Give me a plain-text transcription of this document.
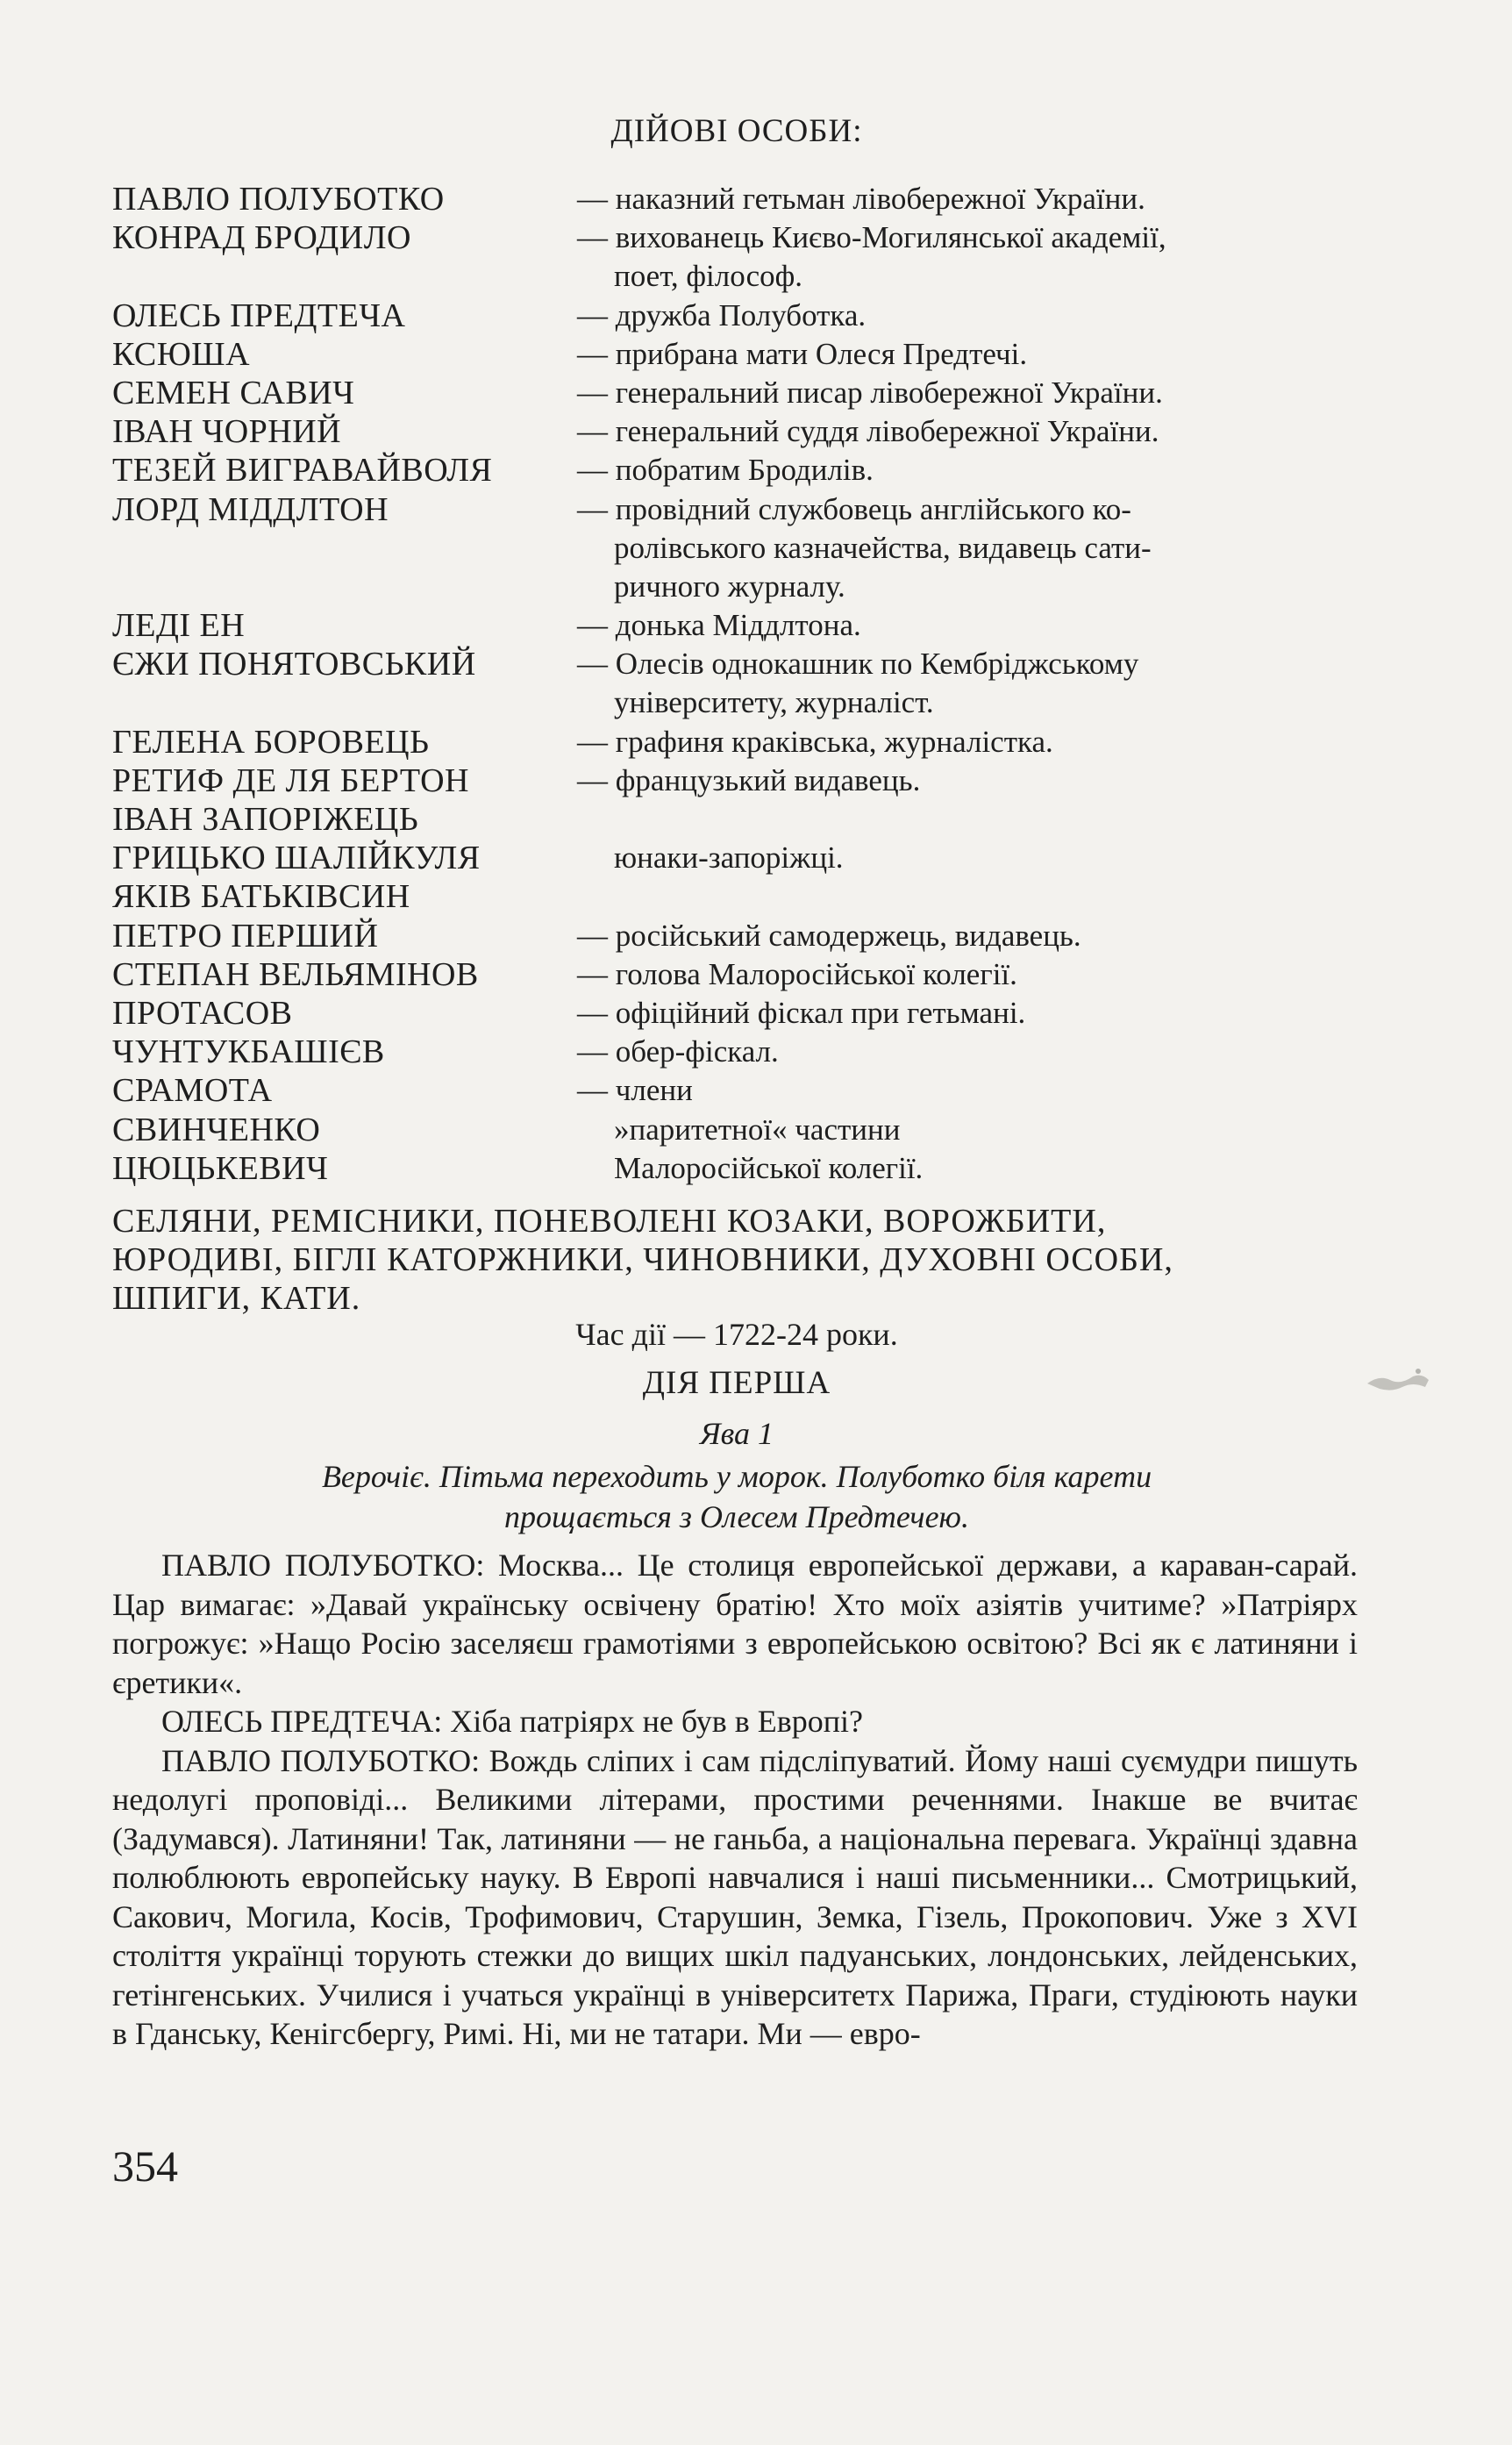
ДІЙОВІ ОСОБИ:
ПАВЛО ПОЛУБОТКО	— наказний гетьман лівобережної України.
КОНРАД БРОДИЛО	— вихованець Києво-Могилянської академії,
поет, філософ.
ОЛЕСЬ ПРЕДТЕЧА	— дружба Полуботка.
КСЮША	— прибрана мати Олеся Предтечі.
СЕМЕН САВИЧ	— генеральний писар лівобережної України.
ІВАН ЧОРНИЙ	— генеральний суддя лівобережної України.
ТЕЗЕЙ ВИГРАВАЙВОЛЯ	— побратим Бродилів.
ЛОРД МІДДЛТОН	— провідний службовець англійського ко-
ролівського казначейства, видавець сати-
ричного журналу.
ЛЕДІ ЕН	— донька Міддлтона.
ЄЖИ ПОНЯТОВСЬКИЙ	— Олесів однокашник по Кембріджському
університету, журналіст.
ГЕЛЕНА БОРОВЕЦЬ	— графиня краківська, журналістка.
РЕТИФ ДЕ ЛЯ БЕРТОН	— французький видавець.
ІВАН ЗАПОРІЖЕЦЬ
ГРИЦЬКО ШАЛІЙКУЛЯ	юнаки-запоріжці.
ЯКІВ БАТЬКІВСИН
ПЕТРО ПЕРШИЙ	— російський самодержець, видавець.
СТЕПАН ВЕЛЬЯМІНОВ	— голова Малоросійської колегії.
ПРОТАСОВ	— офіційний фіскал при гетьмані.
ЧУНТУКБАШІЄВ	— обер-фіскал.
СРАМОТА	— члени
СВИНЧЕНКО	»паритетної« частини
ЦЮЦЬКЕВИЧ	Малоросійської колегії.
СЕЛЯНИ, РЕМІСНИКИ, ПОНЕВОЛЕНІ КОЗАКИ, ВОРОЖБИТИ,
ЮРОДИВІ, БІГЛІ КАТОРЖНИКИ, ЧИНОВНИКИ, ДУХОВНІ ОСОБИ,
ШПИГИ, КАТИ.
Час дії — 1722-24 роки.
ДІЯ ПЕРША
Ява 1
Верочіє. Пітьма переходить у морок. Полуботко біля карети
прощається з Олесем Предтечею.

ПАВЛО ПОЛУБОТКО: Москва... Це столиця европейської держави, а караван-сарай. Цар вимагає: »Давай українську освічену братію! Хто моїх азіятів учитиме? »Патріярх погрожує: »Нащо Росію заселяєш грамотіями з европейською освітою? Всі як є латиняни і єретики«.

ОЛЕСЬ ПРЕДТЕЧА: Хіба патріярх не був в Европі?

ПАВЛО ПОЛУБОТКО: Вождь сліпих і сам підсліпуватий. Йому наші суємудри пишуть недолугі проповіді... Великими літерами, простими реченнями. Інакше ве вчитає (Задумався). Латиняни! Так, латиняни — не ганьба, а національна перевага. Українці здавна полюблюють европейську науку. В Европі навчалися і наші письменники... Смотрицький, Сакович, Могила, Косів, Трофимович, Старушин, Земка, Гізель, Прокопович. Уже з XVI століття українці торують стежки до вищих шкіл падуанських, лондонських, лейденських, гетінгенських. Училися і учаться українці в університетх Парижа, Праги, студіюють науки в Гданську, Кенігсбергу, Римі. Ні, ми не татари. Ми — евро-

354
